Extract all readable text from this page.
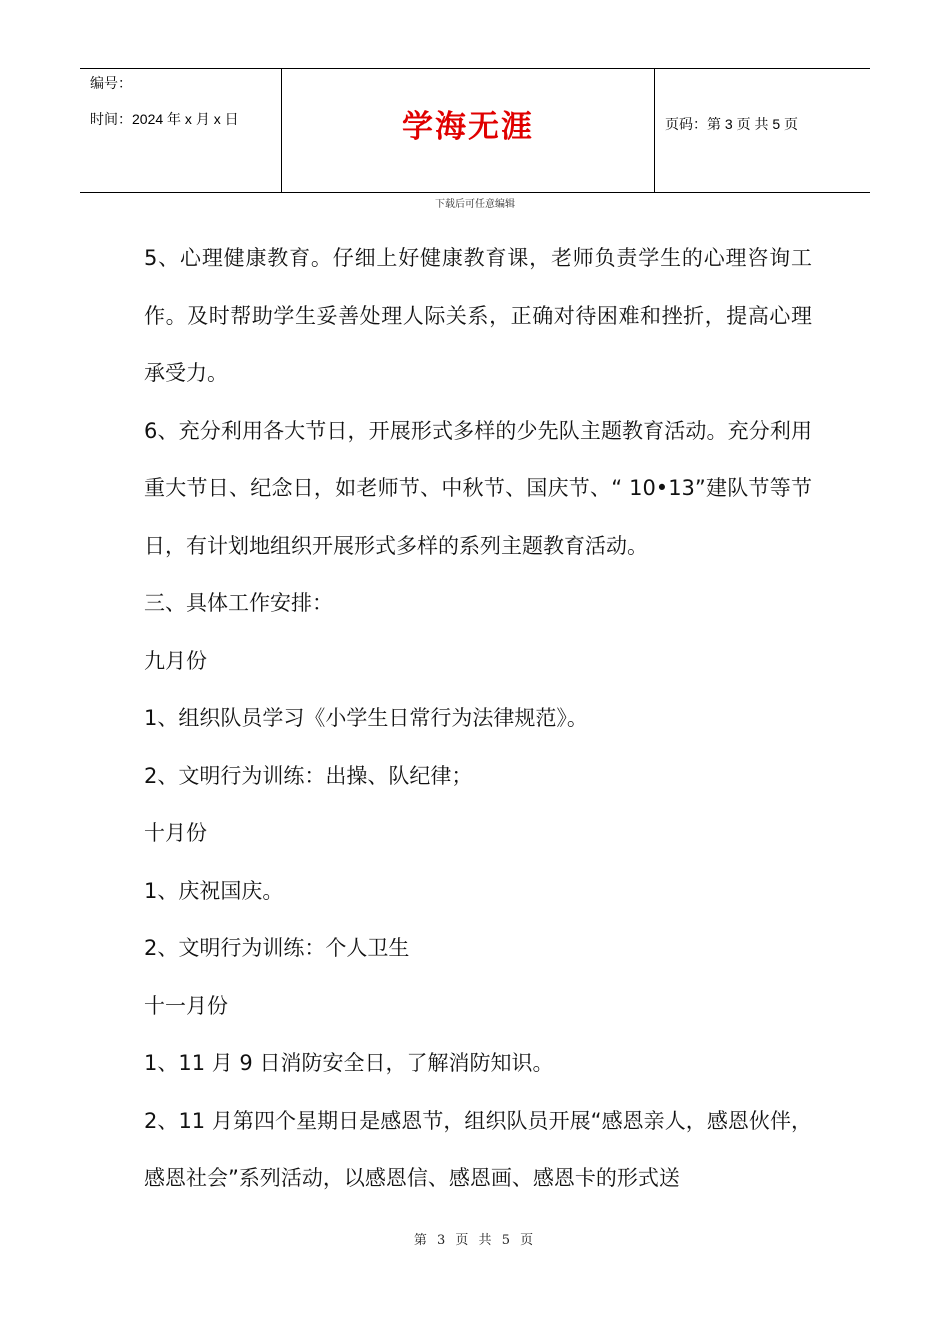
编号：
时间：2024 年 x 月 x 日	学海无涯	页码：第 3 页 共 5 页
下载后可任意编辑

5、心理健康教育。仔细上好健康教育课，老师负责学生的心理咨询工作。及时帮助学生妥善处理人际关系，正确对待困难和挫折，提高心理承受力。

6、充分利用各大节日，开展形式多样的少先队主题教育活动。充分利用重大节日、纪念日，如老师节、中秋节、国庆节、“ 10•13”建队节等节日，有计划地组织开展形式多样的系列主题教育活动。

三、具体工作安排：

九月份

1、组织队员学习《小学生日常行为法律规范》。

2、文明行为训练：出操、队纪律；

十月份

1、庆祝国庆。

2、文明行为训练：个人卫生

十一月份

1、11 月 9 日消防安全日，了解消防知识。

2、11 月第四个星期日是感恩节，组织队员开展“感恩亲人，感恩伙伴，感恩社会”系列活动，以感恩信、感恩画、感恩卡的形式送

第 3 页 共 5 页
